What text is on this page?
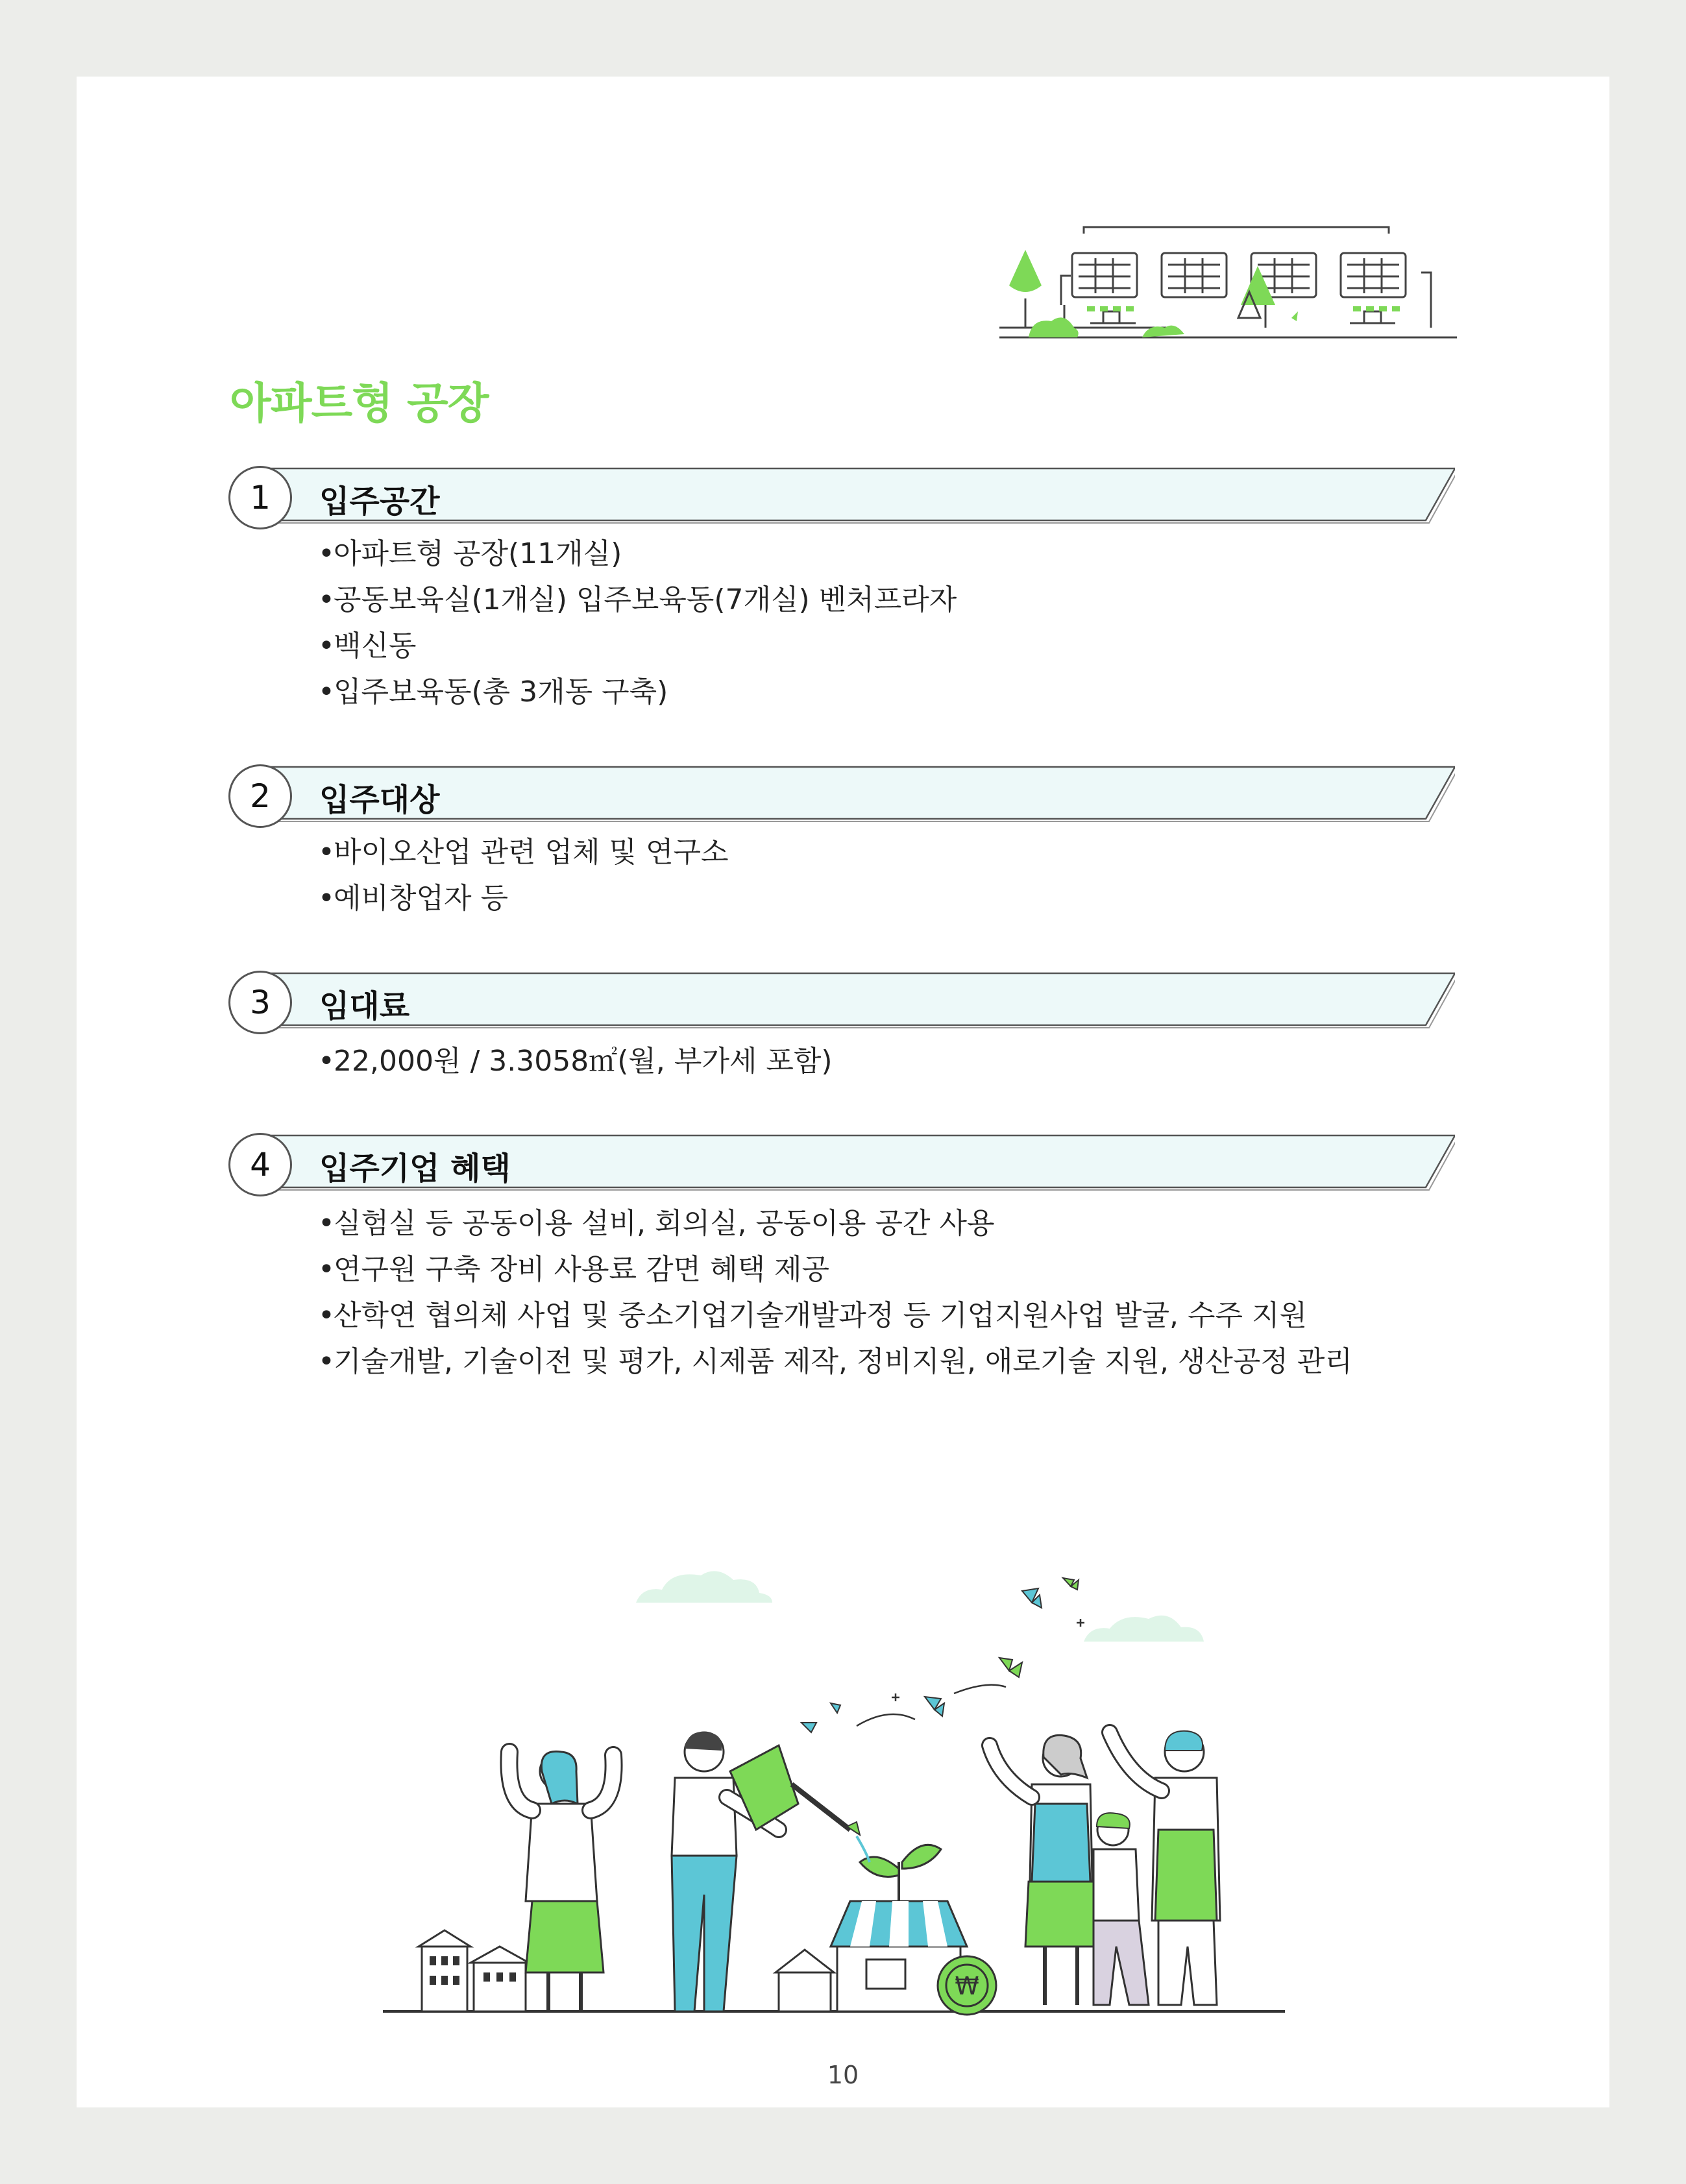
아파트형 공장
1	입주공간
•아파트형 공장(11개실)
•공동보육실(1개실) 입주보육동(7개실) 벤처프라자
•백신동
•입주보육동(총 3개동 구축)
2	입주대상
•바이오산업 관련 업체 및 연구소
•예비창업자 등
3	임대료
•22,000원 / 3.3058㎡(월, 부가세 포함)
4	입주기업 혜택
•실험실 등 공동이용 설비, 회의실, 공동이용 공간 사용
•연구원 구축 장비 사용료 감면 혜택 제공
•산학연 협의체 사업 및 중소기업기술개발과정 등 기업지원사업 발굴, 수주 지원
•기술개발, 기술이전 및 평가, 시제품 제작, 정비지원, 애로기술 지원, 생산공정 관리
₩
10
